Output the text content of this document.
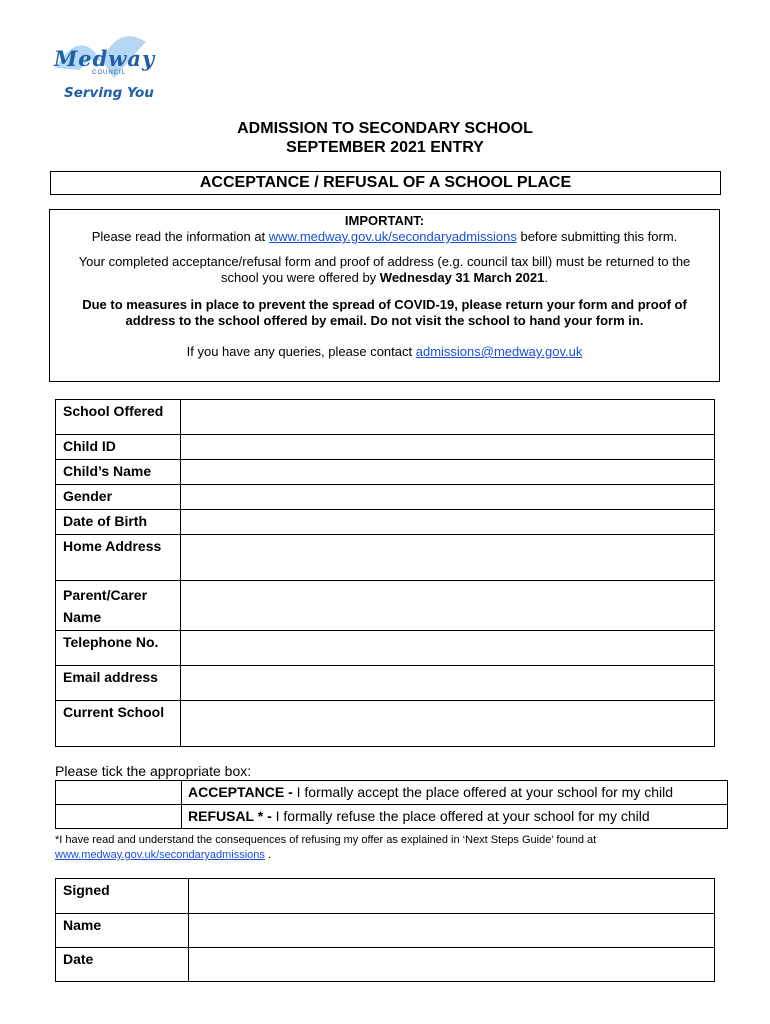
Medway
COUNCIL
Serving You
ADMISSION TO SECONDARY SCHOOL
SEPTEMBER 2021 ENTRY
ACCEPTANCE / REFUSAL OF A SCHOOL PLACE

IMPORTANT:

Please read the information at www.medway.gov.uk/secondaryadmissions before submitting this form.

Your completed acceptance/refusal form and proof of address (e.g. council tax bill) must be returned to the school you were offered by Wednesday 31 March 2021.

Due to measures in place to prevent the spread of COVID-19, please return your form and proof of address to the school offered by email. Do not visit the school to hand your form in.

If you have any queries, please contact admissions@medway.gov.uk

School Offered	
Child ID	
Child’s Name	
Gender	
Date of Birth	
Home Address	
Parent/Carer
Name	
Telephone No.	
Email address	
Current School	
Please tick the appropriate box:
	ACCEPTANCE - I formally accept the place offered at your school for my child
	REFUSAL * - I formally refuse the place offered at your school for my child
*I have read and understand the consequences of refusing my offer as explained in ‘Next Steps Guide’ found at
www.medway.gov.uk/secondaryadmissions .
Signed	
Name	
Date	
